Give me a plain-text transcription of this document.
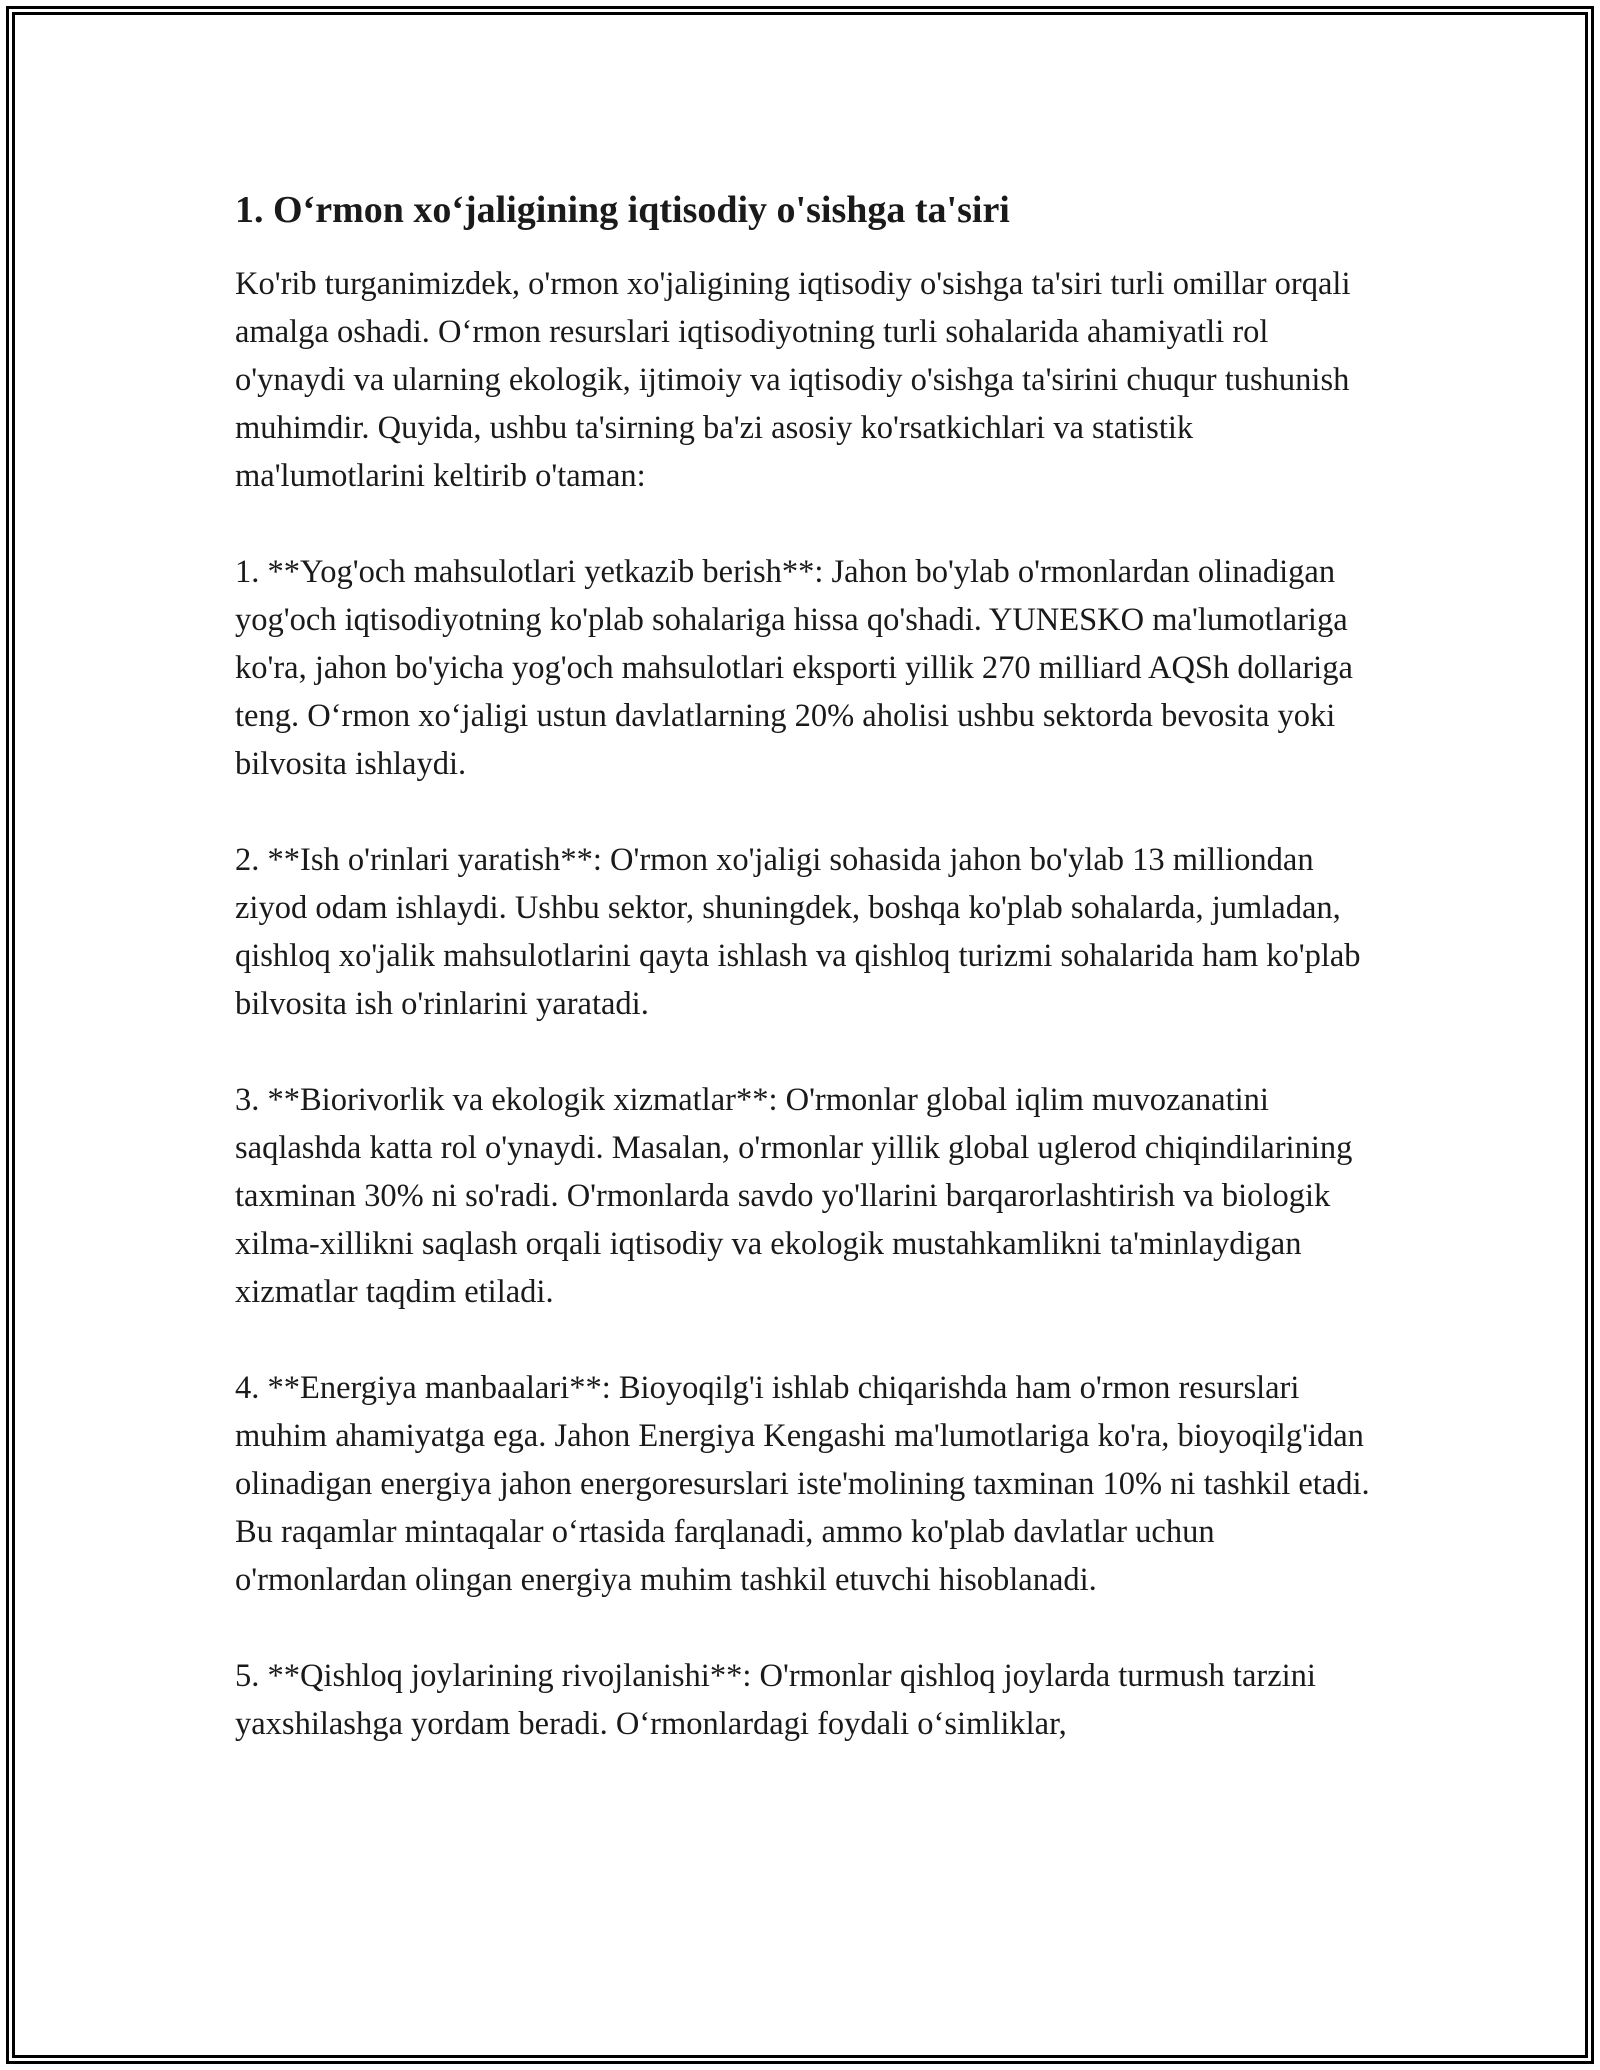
1. O‘rmon xo‘jaligining iqtisodiy o'sishga ta'siri

Ko'rib turganimizdek, o'rmon xo'jaligining iqtisodiy o'sishga ta'siri turli omillar orqali amalga oshadi. O‘rmon resurslari iqtisodiyotning turli sohalarida ahamiyatli rol o'ynaydi va ularning ekologik, ijtimoiy va iqtisodiy o'sishga ta'sirini chuqur tushunish muhimdir. Quyida, ushbu ta'sirning ba'zi asosiy ko'rsatkichlari va statistik ma'lumotlarini keltirib o'taman:

1. **Yog'och mahsulotlari yetkazib berish**: Jahon bo'ylab o'rmonlardan olinadigan yog'och iqtisodiyotning ko'plab sohalariga hissa qo'shadi. YUNESKO ma'lumotlariga ko'ra, jahon bo'yicha yog'och mahsulotlari eksporti yillik 270 milliard AQSh dollariga teng. O‘rmon xo‘jaligi ustun davlatlarning 20% aholisi ushbu sektorda bevosita yoki bilvosita ishlaydi.

2. **Ish o'rinlari yaratish**: O'rmon xo'jaligi sohasida jahon bo'ylab 13 milliondan ziyod odam ishlaydi. Ushbu sektor, shuningdek, boshqa ko'plab sohalarda, jumladan, qishloq xo'jalik mahsulotlarini qayta ishlash va qishloq turizmi sohalarida ham ko'plab bilvosita ish o'rinlarini yaratadi.

3. **Biorivorlik va ekologik xizmatlar**: O'rmonlar global iqlim muvozanatini saqlashda katta rol o'ynaydi. Masalan, o'rmonlar yillik global uglerod chiqindilarining taxminan 30% ni so'radi. O'rmonlarda savdo yo'llarini barqarorlashtirish va biologik xilma-xillikni saqlash orqali iqtisodiy va ekologik mustahkamlikni ta'minlaydigan xizmatlar taqdim etiladi.

4. **Energiya manbaalari**: Bioyoqilg'i ishlab chiqarishda ham o'rmon resurslari muhim ahamiyatga ega. Jahon Energiya Kengashi ma'lumotlariga ko'ra, bioyoqilg'idan olinadigan energiya jahon energoresurslari iste'molining taxminan 10% ni tashkil etadi. Bu raqamlar mintaqalar o‘rtasida farqlanadi, ammo ko'plab davlatlar uchun o'rmonlardan olingan energiya muhim tashkil etuvchi hisoblanadi.

5. **Qishloq joylarining rivojlanishi**: O'rmonlar qishloq joylarda turmush tarzini yaxshilashga yordam beradi. O‘rmonlardagi foydali o‘simliklar,
